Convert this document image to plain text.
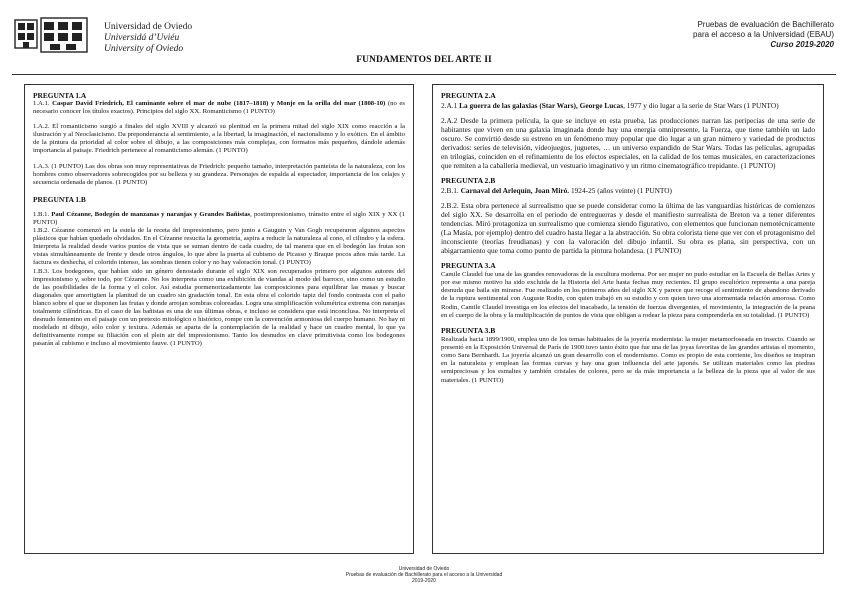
Universidad de Oviedo
Universidá d’Uviéu
University of Oviedo
Pruebas de evaluación de Bachillerato
para el acceso a la Universidad (EBAU)
Curso 2019-2020
FUNDAMENTOS DEL ARTE II

PREGUNTA 1.A

1.A.1. Caspar David Friedrich, El caminante sobre el mar de nube (1817–1818) y Monje en la orilla del mar (1808-10) (no es necesario conocer los títulos exactos). Principios del siglo XX. Romanticismo (1 PUNTO)

1.A.2. El romanticismo surgió a finales del siglo XVIII y alcanzó su plenitud en la primera mitad del siglo XIX como reacción a la ilustración y al Neoclasicismo. Da preponderancia al sentimiento, a la libertad, la imaginación, el nacionalismo y lo exótico. En el ámbito de la pintura da prioridad al color sobre el dibujo, a las composiciones más complejas, con formatos más pequeños, dándole además importancia al paisaje. Friedrich pertenece al romanticismo alemán. (1 PUNTO)

1.A.3. (1 PUNTO) Las dos obras son muy representativas de Friedrich: pequeño tamaño, interpretación panteísta de la naturaleza, con los hombres como observadores sobrecogidos por su belleza y su grandeza. Personajes de espalda al espectador, importancia de los celajes y secuencia ordenada de planos. (1 PUNTO)

PREGUNTA 1.B

1.B.1. Paul Cézanne, Bodegón de manzanas y naranjas y Grandes Bañistas, postimpresionismo, tránsito entre el siglo XIX y XX (1 PUNTO)

1.B.2. Cézanne comenzó en la estela de la receta del impresionismo, pero junto a Gauguin y Van Gogh recuperaron algunos aspectos plásticos que habían quedado olvidados. En el Cézanne resucita la geometría, aspira a reducir la naturaleza al cono, el cilindro y la esfera. Interpreta la realidad desde varios puntos de vista que se suman dentro de cada cuadro, de tal manera que en el bodegón las frutas son vistas simultáneamente de frente y desde otros ángulos, lo que abre la puerta al cubismo de Picasso y Braque pocos años más tarde. La factura es deshecha, el colorido intenso, las sombras tienen color y no hay valoración tonal. (1 PUNTO)

1.B.3. Los bodegones, que habían sido un género denostado durante el siglo XIX son recuperados primero por algunos autores del impresionismo y, sobre todo, por Cézanne. No los interpreta como una exhibición de viandas al modo del barroco, sino como un estudio de las posibilidades de la forma y el color. Así estudia pormenorizadamente las composiciones para equilibrar las masas y buscar diagonales que amortigüen la planitud de un cuadro sin gradación tonal. En esta obra el colorido tapiz del fondo contrasta con el paño blanco sobre el que se disponen las frutas y donde arrojan sombras coloreadas. Logra una simplificación volumétrica extrema con naranjas totalmente cilíndricas. En el caso de las bañistas es una de sus últimas obras, e incluso se considera que está inconclusa. No interpreta el desnudo femenino en el paisaje con un pretexto mitológico o histórico, rompe con la convención armoniosa del cuerpo humano. No hay ni modelado ni dibujo, sólo color y textura. Además se aparta de la contemplación de la realidad y hace un cuadro mental, lo que ya definitivamente rompe su filiación con el plein air del impresionismo. Tanto los desnudos en clave primitivista como los bodegones pasarán al cubismo e incluso al movimiento fauve. (1 PUNTO)

PREGUNTA 2.A

2.A.1 La guerra de las galaxias (Star Wars), George Lucas, 1977 y dio lugar a la serie de Star Wars (1 PUNTO)

2.A.2 Desde la primera película, la que se incluye en esta prueba, las producciones narran las peripecias de una serie de habitantes que viven en una galaxia imaginada donde hay una energía omnipresente, la Fuerza, que tiene también un lado oscuro. Se convirtió desde su estreno en un fenómeno muy popular que dio lugar a un gran número y variedad de productos derivados: series de televisión, videojuegos, juguetes, … un universo expandido de Star Wars. Todas las películas, agrupadas en trilogías, coinciden en el refinamiento de los efectos especiales, en la calidad de los temas musicales, en caracterizaciones que remiten a la caballería medieval, un vestuario imaginativo y un ritmo cinematográfico trepidante. (1 PUNTO)

PREGUNTA 2.B

2.B.1. Carnaval del Arlequín, Joan Miró. 1924-25 (años veinte) (1 PUNTO)

2.B.2. Esta obra pertenece al surrealismo que se puede considerar como la última de las vanguardias históricas de comienzos del siglo XX. Se desarrolla en el periodo de entreguerras y desde el manifiesto surrealista de Breton va a tener diferentes tendencias. Miró protagoniza un surrealismo que comienza siendo figurativo, con elementos que funcionan nemotécnicamente (La Masía, por ejemplo) dentro del cuadro hasta llegar a la abstracción. Su obra colorista tiene que ver con el protagonismo del inconsciente (teorías freudianas) y con la valoración del dibujo infantil. Su obra es plana, sin perspectiva, con un abigarramiento que toma como punto de partida la pintura holandesa. (1 PUNTO)

PREGUNTA 3.A

Camile Claudel fue una de las grandes renovadoras de la escultura moderna. Por ser mujer no pudo estudiar en la Escuela de Bellas Artes y por ese mismo motivo ha sido excluida de la Historia del Arte hasta fechas muy recientes. El grupo escultórico representa a una pareja desnuda que baila sin mirarse. Fue realizado en los primeros años del siglo XX y parece que recoge el sentimiento de abandono derivado de la ruptura sentimental con Auguste Rodin, con quien trabajó en su estudio y con quien tuvo una atormentada relación amorosa. Como Rodin, Camile Claudel investiga en los efectos del inacabado, la tensión de fuerzas divergentes, el movimiento, la integración de la peana en el cuerpo de la obra y la multiplicación de puntos de vista que obligan a rodear la pieza para comprenderla en su totalidad. (1 PUNTO)

PREGUNTA 3.B

Realizada hacia 1899/1900, emplea uno de los temas habituales de la joyería modernista: la mujer metamorfoseada en insecto. Cuando se presentó en la Exposición Universal de París de 1900 tuvo tanto éxito que fue una de las joyas favoritas de las grandes artistas el momento, como Sara Bernhardt. La joyería alcanzó un gran desarrollo con el modernismo. Como es propio de esta corriente, los diseños se inspiran en la naturaleza y emplean las formas curvas y hay una gran influencia del arte japonés. Se utilizan materiales como las piedras semipreciosas y los esmaltes y también cristales de colores, pero se da más importancia a la belleza de la pieza que al valor de sus materiales. (1 PUNTO)

Universidad de Oviedo
Pruebas de evaluación de Bachillerato para el acceso a la Universidad
2019-2020
